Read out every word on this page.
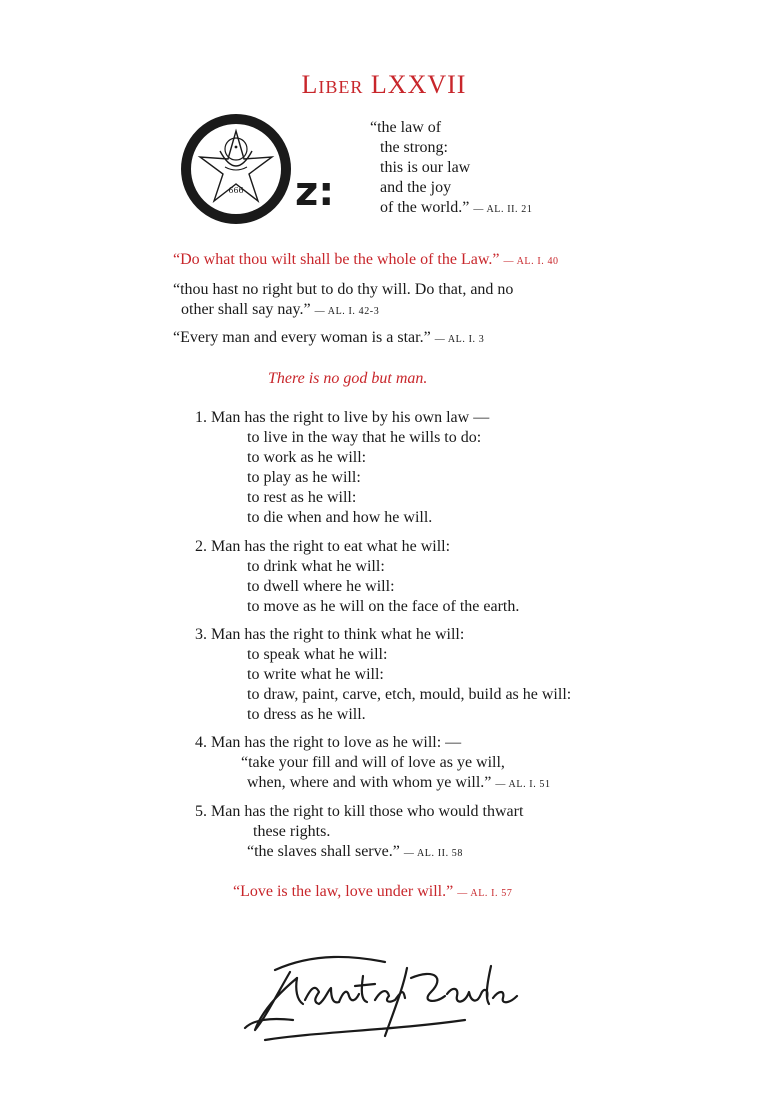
Liber LXXVII
666 z:
“the law of
the strong:
this is our law
and the joy
of the world.” — AL. II. 21
“Do what thou wilt shall be the whole of the Law.” — AL. I. 40
“thou hast no right but to do thy will. Do that, and no
other shall say nay.” — AL. I. 42-3
“Every man and every woman is a star.” — AL. I. 3
There is no god but man.
1. Man has the right to live by his own law —
to live in the way that he wills to do:
to work as he will:
to play as he will:
to rest as he will:
to die when and how he will.
2. Man has the right to eat what he will:
to drink what he will:
to dwell where he will:
to move as he will on the face of the earth.
3. Man has the right to think what he will:
to speak what he will:
to write what he will:
to draw, paint, carve, etch, mould, build as he will:
to dress as he will.
4. Man has the right to love as he will: —
“take your fill and will of love as ye will,
when, where and with whom ye will.” — AL. I. 51
5. Man has the right to kill those who would thwart
these rights.
“the slaves shall serve.” — AL. II. 58
“Love is the law, love under will.” — AL. I. 57
